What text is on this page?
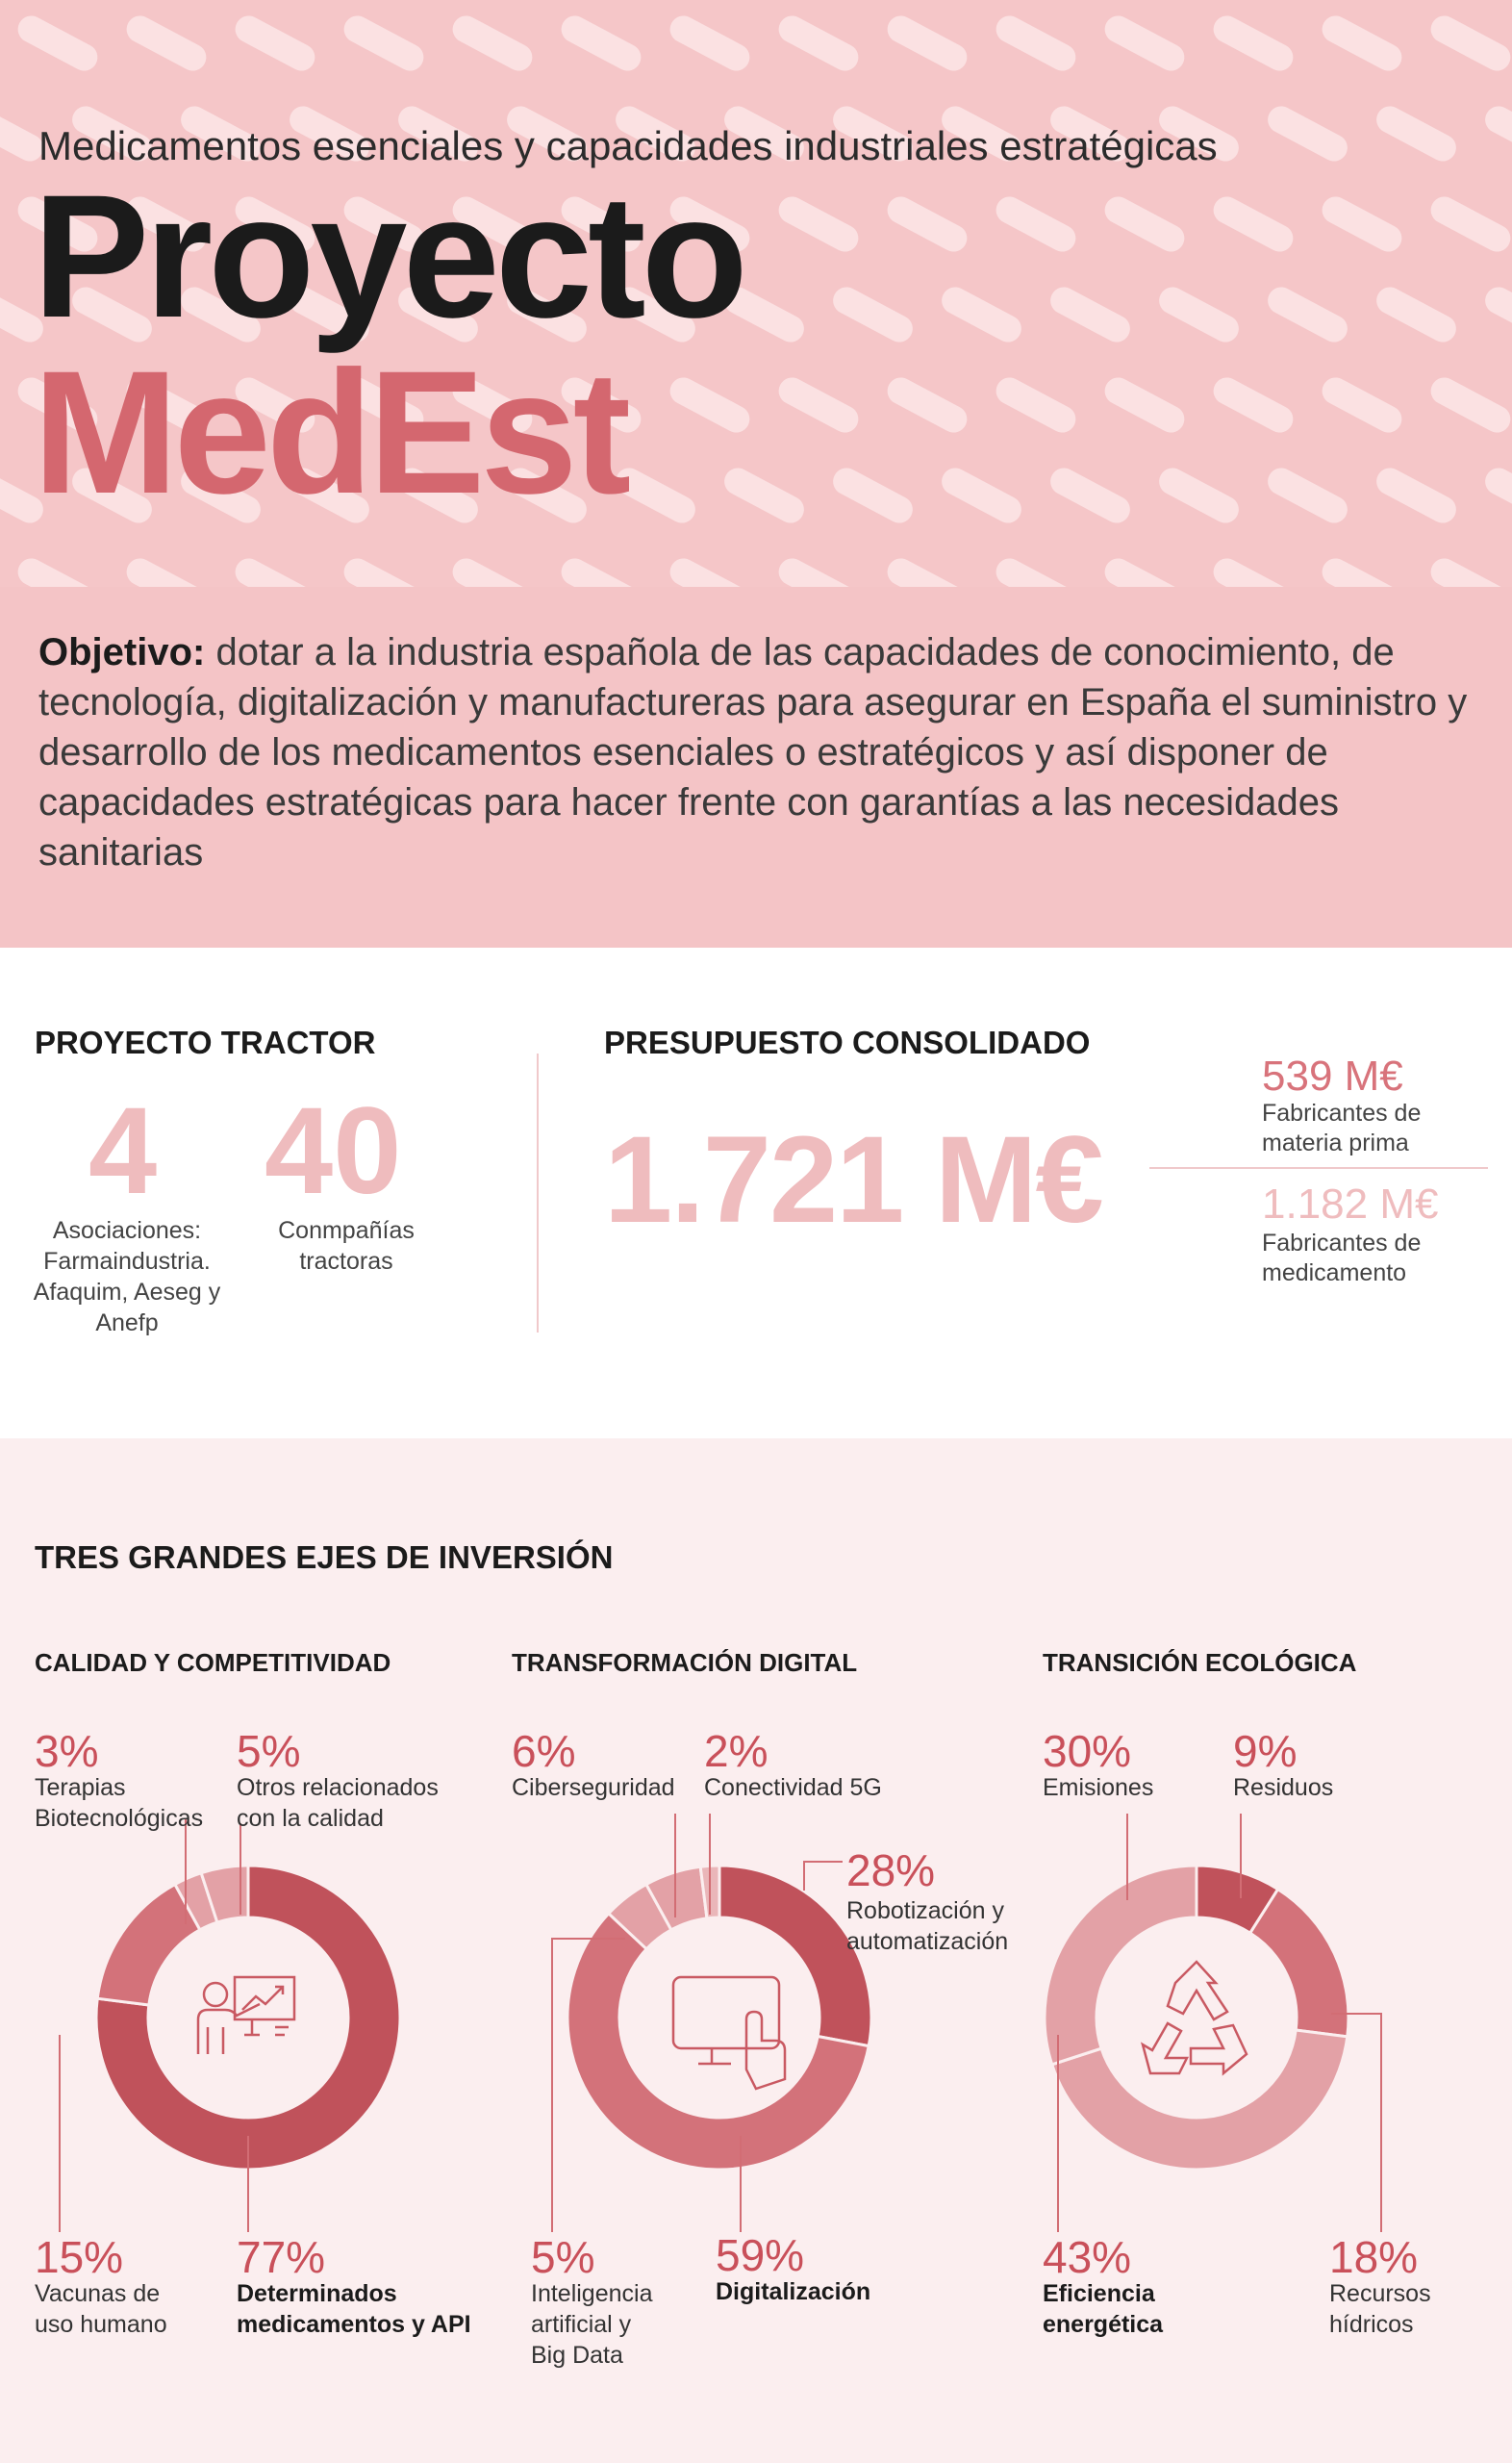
Medicamentos esenciales y capacidades industriales estratégicas
Proyecto
MedEst

Objetivo: dotar a la industria española de las capacidades de conocimiento, de tecnología, digitalización y manufactureras para asegurar en España el suministro y desarrollo de los medicamentos esenciales o estratégicos y así disponer de capacidades estratégicas para hacer frente con garantías a las necesidades sanitarias

PROYECTO TRACTOR
4
Asociaciones: Farmaindustria. Afaquim, Aeseg y Anefp
40
Conmpañías tractoras
PRESUPUESTO CONSOLIDADO
1.721 M€
539 M€
Fabricantes de materia prima
1.182 M€
Fabricantes de medicamento
TRES GRANDES EJES DE INVERSIÓN
CALIDAD Y COMPETITIVIDAD
3%
Terapias Biotecnológicas
5%
Otros relacionados con la calidad
15%
Vacunas de uso humano
77%
Determinados medicamentos y API
TRANSFORMACIÓN DIGITAL
6%
Ciberseguridad
2%
Conectividad 5G
28%
Robotización y automatización
5%
Inteligencia artificial y Big Data
59%
Digitalización
TRANSICIÓN ECOLÓGICA
30%
Emisiones
9%
Residuos
43%
Eficiencia energética
18%
Recursos hídricos
